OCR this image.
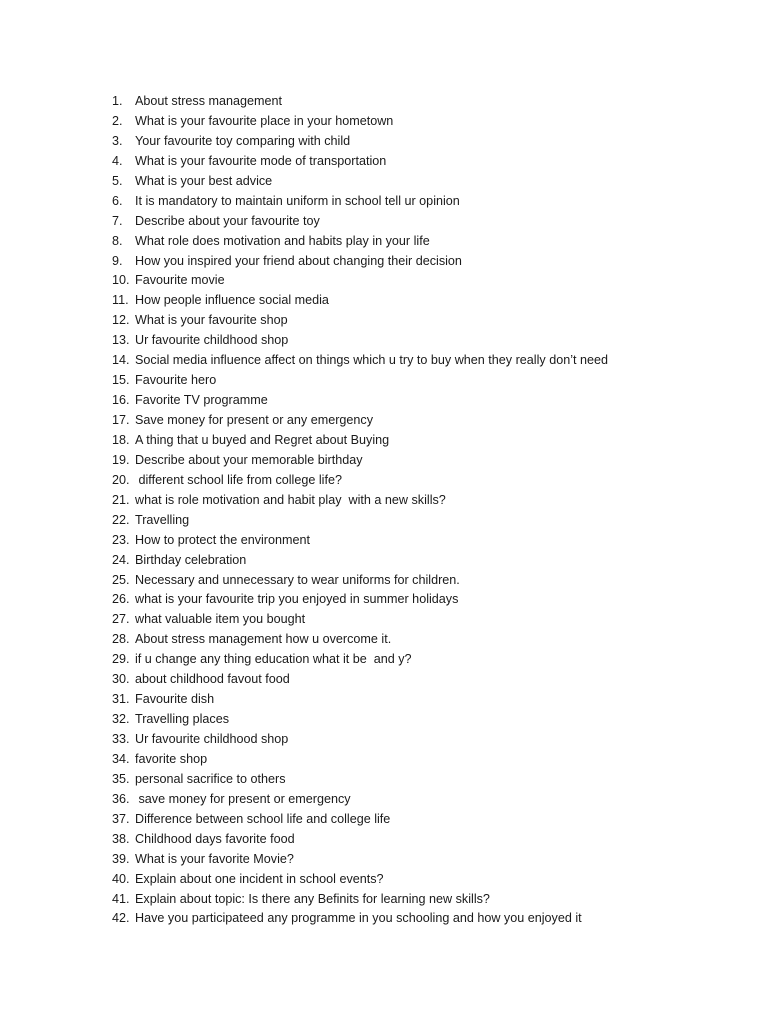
1. About stress management
2. What is your favourite place in your hometown
3. Your favourite toy comparing with child
4. What is your favourite mode of transportation
5. What is your best advice
6. It is mandatory to maintain uniform in school tell ur opinion
7. Describe about your favourite toy
8. What role does motivation and habits play in your life
9. How you inspired your friend about changing their decision
10. Favourite movie
11. How people influence social media
12. What is your favourite shop
13. Ur favourite childhood shop
14. Social media influence affect on things which u try to buy when they really don’t need
15. Favourite hero
16. Favorite TV programme
17. Save money for present or any emergency
18. A thing that u buyed and Regret about Buying
19. Describe about your memorable birthday
20. different school life from college life?
21. what is role motivation and habit play  with a new skills?
22. Travelling
23. How to protect the environment
24. Birthday celebration
25. Necessary and unnecessary to wear uniforms for children.
26. what is your favourite trip you enjoyed in summer holidays
27. what valuable item you bought
28. About stress management how u overcome it.
29. if u change any thing education what it be  and y?
30. about childhood favout food
31. Favourite dish
32. Travelling places
33. Ur favourite childhood shop
34. favorite shop
35. personal sacrifice to others
36. save money for present or emergency
37. Difference between school life and college life
38. Childhood days favorite food
39. What is your favorite Movie?
40. Explain about one incident in school events?
41. Explain about topic: Is there any Befinits for learning new skills?
42. Have you participateed any programme in you schooling and how you enjoyed it
